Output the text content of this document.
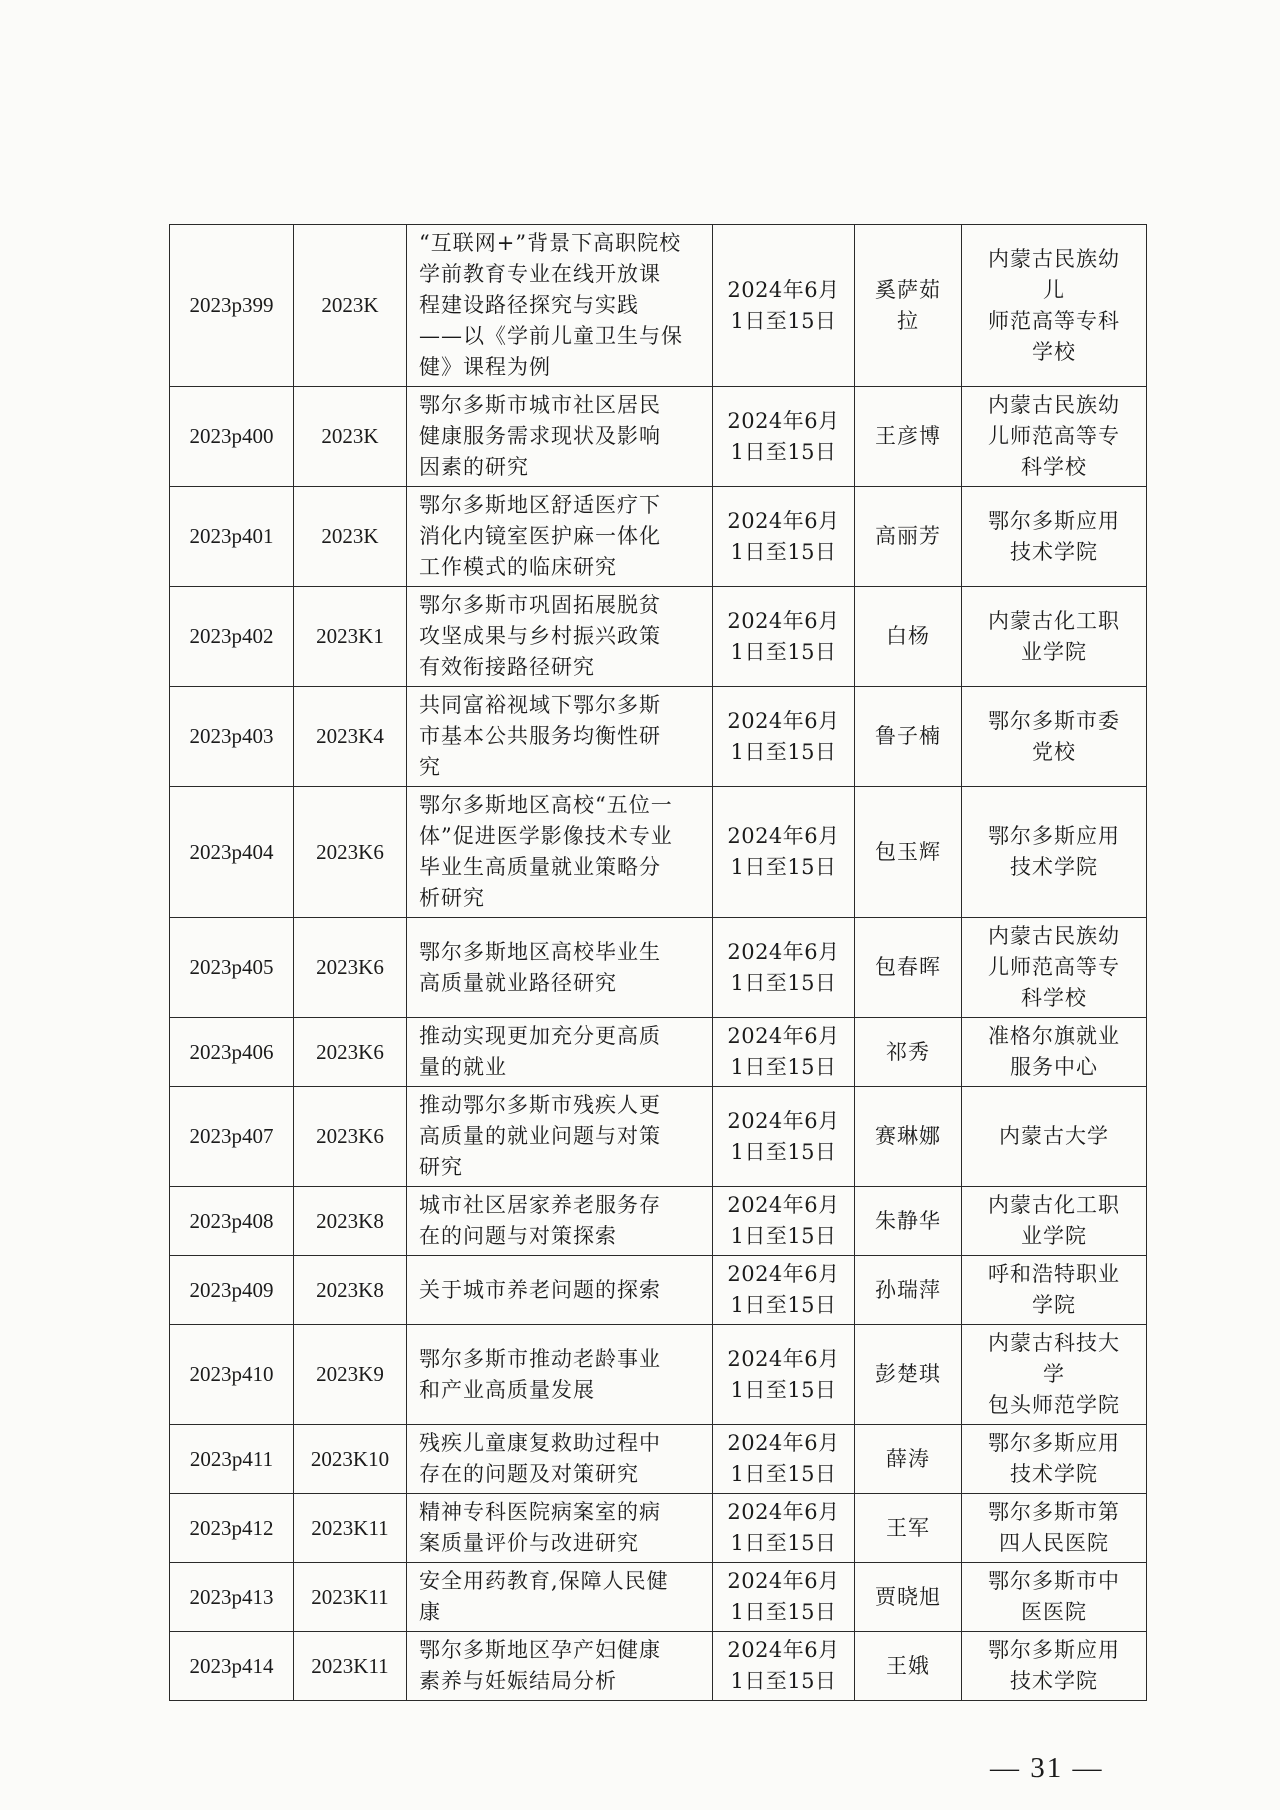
2023p399	2023K	“互联网+”背景下高职院校
学前教育专业在线开放课
程建设路径探究与实践
——以《学前儿童卫生与保
健》课程为例	2024年6月
1日至15日	奚萨茹
拉	内蒙古民族幼
儿
师范高等专科
学校

2023p400	2023K	鄂尔多斯市城市社区居民
健康服务需求现状及影响
因素的研究	2024年6月
1日至15日	王彦博	内蒙古民族幼
儿师范高等专
科学校

2023p401	2023K	鄂尔多斯地区舒适医疗下
消化内镜室医护麻一体化
工作模式的临床研究	2024年6月
1日至15日	高丽芳	鄂尔多斯应用
技术学院

2023p402	2023K1	鄂尔多斯市巩固拓展脱贫
攻坚成果与乡村振兴政策
有效衔接路径研究	2024年6月
1日至15日	白杨	内蒙古化工职
业学院

2023p403	2023K4	共同富裕视域下鄂尔多斯
市基本公共服务均衡性研
究	2024年6月
1日至15日	鲁子楠	鄂尔多斯市委
党校

2023p404	2023K6	鄂尔多斯地区高校“五位一
体”促进医学影像技术专业
毕业生高质量就业策略分
析研究	2024年6月
1日至15日	包玉辉	鄂尔多斯应用
技术学院

2023p405	2023K6	鄂尔多斯地区高校毕业生
高质量就业路径研究	2024年6月
1日至15日	包春晖	内蒙古民族幼
儿师范高等专
科学校

2023p406	2023K6	推动实现更加充分更高质
量的就业	2024年6月
1日至15日	祁秀	准格尔旗就业
服务中心

2023p407	2023K6	推动鄂尔多斯市残疾人更
高质量的就业问题与对策
研究	2024年6月
1日至15日	赛琳娜	内蒙古大学

2023p408	2023K8	城市社区居家养老服务存
在的问题与对策探索	2024年6月
1日至15日	朱静华	内蒙古化工职
业学院

2023p409	2023K8	关于城市养老问题的探索	2024年6月
1日至15日	孙瑞萍	呼和浩特职业
学院

2023p410	2023K9	鄂尔多斯市推动老龄事业
和产业高质量发展	2024年6月
1日至15日	彭楚琪	内蒙古科技大
学
包头师范学院

2023p411	2023K10	残疾儿童康复救助过程中
存在的问题及对策研究	2024年6月
1日至15日	薛涛	鄂尔多斯应用
技术学院

2023p412	2023K11	精神专科医院病案室的病
案质量评价与改进研究	2024年6月
1日至15日	王军	鄂尔多斯市第
四人民医院

2023p413	2023K11	安全用药教育,保障人民健
康	2024年6月
1日至15日	贾晓旭	鄂尔多斯市中
医医院

2023p414	2023K11	鄂尔多斯地区孕产妇健康
素养与妊娠结局分析	2024年6月
1日至15日	王娥	鄂尔多斯应用
技术学院
— 31 —
